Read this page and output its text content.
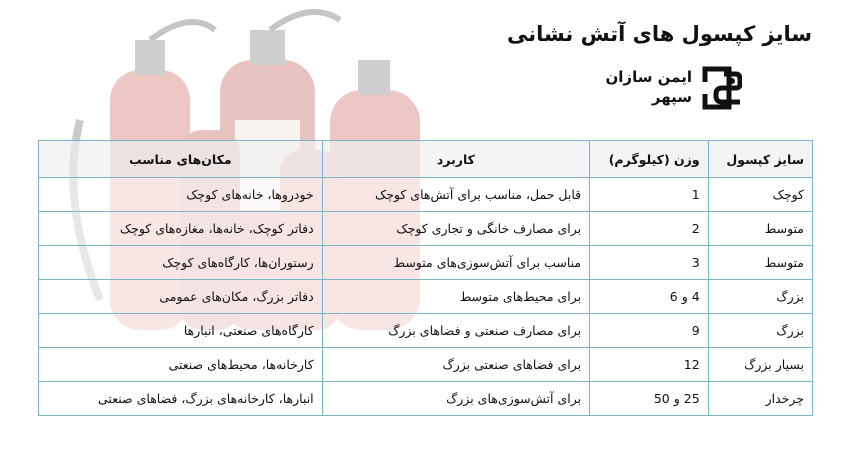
سایز کپسول های آتش نشانی
ایمن سازان
سپهر
سایز کپسول	وزن (کیلوگرم)	کاربرد	مکان‌های مناسب
کوچک	1	قابل حمل، مناسب برای آتش‌های کوچک	خودروها، خانه‌های کوچک
متوسط	2	برای مصارف خانگی و تجاری کوچک	دفاتر کوچک، خانه‌ها، مغازه‌های کوچک
متوسط	3	مناسب برای آتش‌سوزی‌های متوسط	رستوران‌ها، کارگاه‌های کوچک
بزرگ	4 و 6	برای محیط‌های متوسط	دفاتر بزرگ، مکان‌های عمومی
بزرگ	9	برای مصارف صنعتی و فضاهای بزرگ	کارگاه‌های صنعتی، انبارها
بسیار بزرگ	12	برای فضاهای صنعتی بزرگ	کارخانه‌ها، محیط‌های صنعتی
چرخدار	25 و 50	برای آتش‌سوزی‌های بزرگ	انبارها، کارخانه‌های بزرگ، فضاهای صنعتی
